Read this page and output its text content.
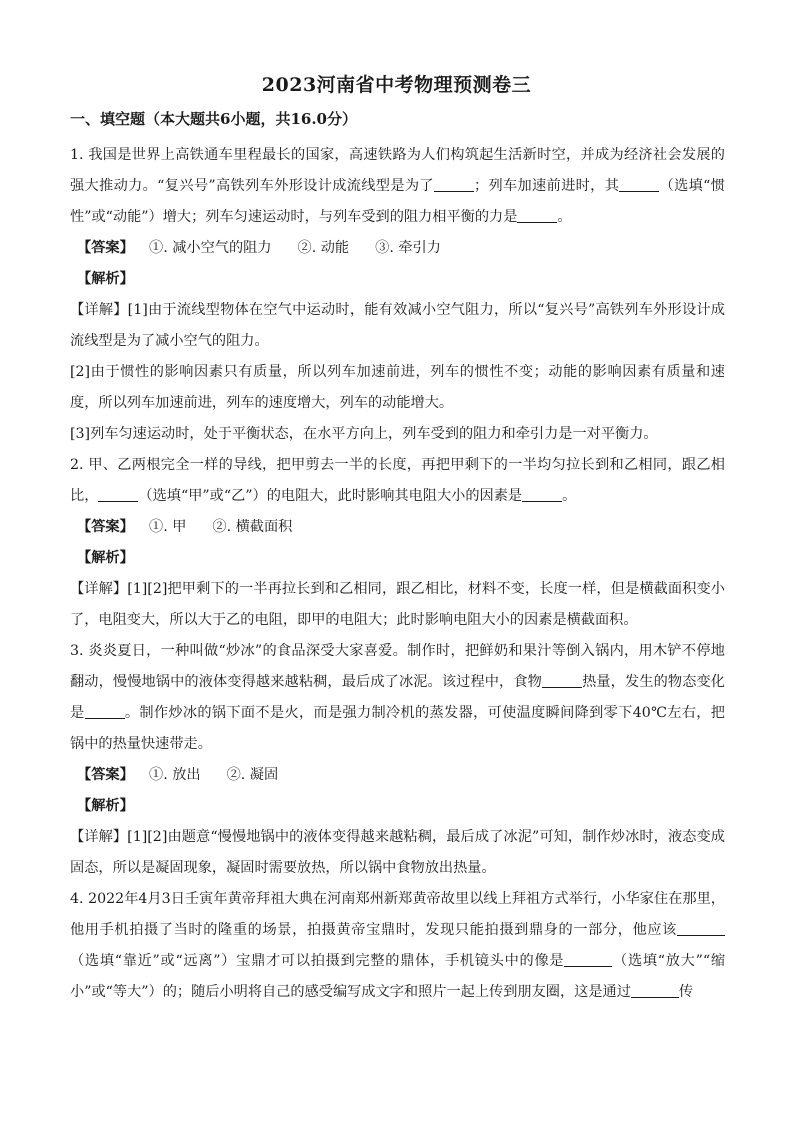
2023河南省中考物理预测卷三
一、填空题（本大题共6小题，共16.0分）

1. 我国是世界上高铁通车里程最长的国家，高速铁路为人们构筑起生活新时空，并成为经济社会发展的强大推动力。“复兴号”高铁列车外形设计成流线型是为了	；列车加速前进时，其	（选填“惯性”或“动能”）增大；列车匀速运动时，与列车受到的阻力相平衡的力是	。

【答案】 ①. 减小空气的阻力 ②. 动能 ③. 牵引力

【解析】

【详解】[1]由于流线型物体在空气中运动时，能有效减小空气阻力，所以“复兴号”高铁列车外形设计成流线型是为了减小空气的阻力。

[2]由于惯性的影响因素只有质量，所以列车加速前进，列车的惯性不变；动能的影响因素有质量和速度，所以列车加速前进，列车的速度增大，列车的动能增大。

[3]列车匀速运动时，处于平衡状态，在水平方向上，列车受到的阻力和牵引力是一对平衡力。

2. 甲、乙两根完全一样的导线，把甲剪去一半的长度，再把甲剩下的一半均匀拉长到和乙相同，跟乙相比，	（选填“甲”或“乙”）的电阻大，此时影响其电阻大小的因素是	。

【答案】 ①. 甲 ②. 横截面积

【解析】

【详解】[1][2]把甲剩下的一半再拉长到和乙相同，跟乙相比，材料不变，长度一样，但是横截面积变小了，电阻变大，所以大于乙的电阻，即甲的电阻大；此时影响电阻大小的因素是横截面积。

3. 炎炎夏日，一种叫做“炒冰”的食品深受大家喜爱。制作时，把鲜奶和果汁等倒入锅内，用木铲不停地翻动，慢慢地锅中的液体变得越来越粘稠，最后成了冰泥。该过程中，食物	热量，发生的物态变化是	。制作炒冰的锅下面不是火，而是强力制冷机的蒸发器，可使温度瞬间降到零下40℃左右，把锅中的热量快速带走。

【答案】 ①. 放出 ②. 凝固

【解析】

【详解】[1][2]由题意“慢慢地锅中的液体变得越来越粘稠，最后成了冰泥”可知，制作炒冰时，液态变成固态，所以是凝固现象，凝固时需要放热，所以锅中食物放出热量。

4. 2022年4月3日壬寅年黄帝拜祖大典在河南郑州新郑黄帝故里以线上拜祖方式举行，小华家住在那里，他用手机拍摄了当时的隆重的场景，拍摄黄帝宝鼎时，发现只能拍摄到鼎身的一部分，他应该（选填“靠近”或“远离”）宝鼎才可以拍摄到完整的鼎体，手机镜头中的像是	（选填“放大”“缩小”或“等大”）的；随后小明将自己的感受编写成文字和照片一起上传到朋友圈，这是通过	传
